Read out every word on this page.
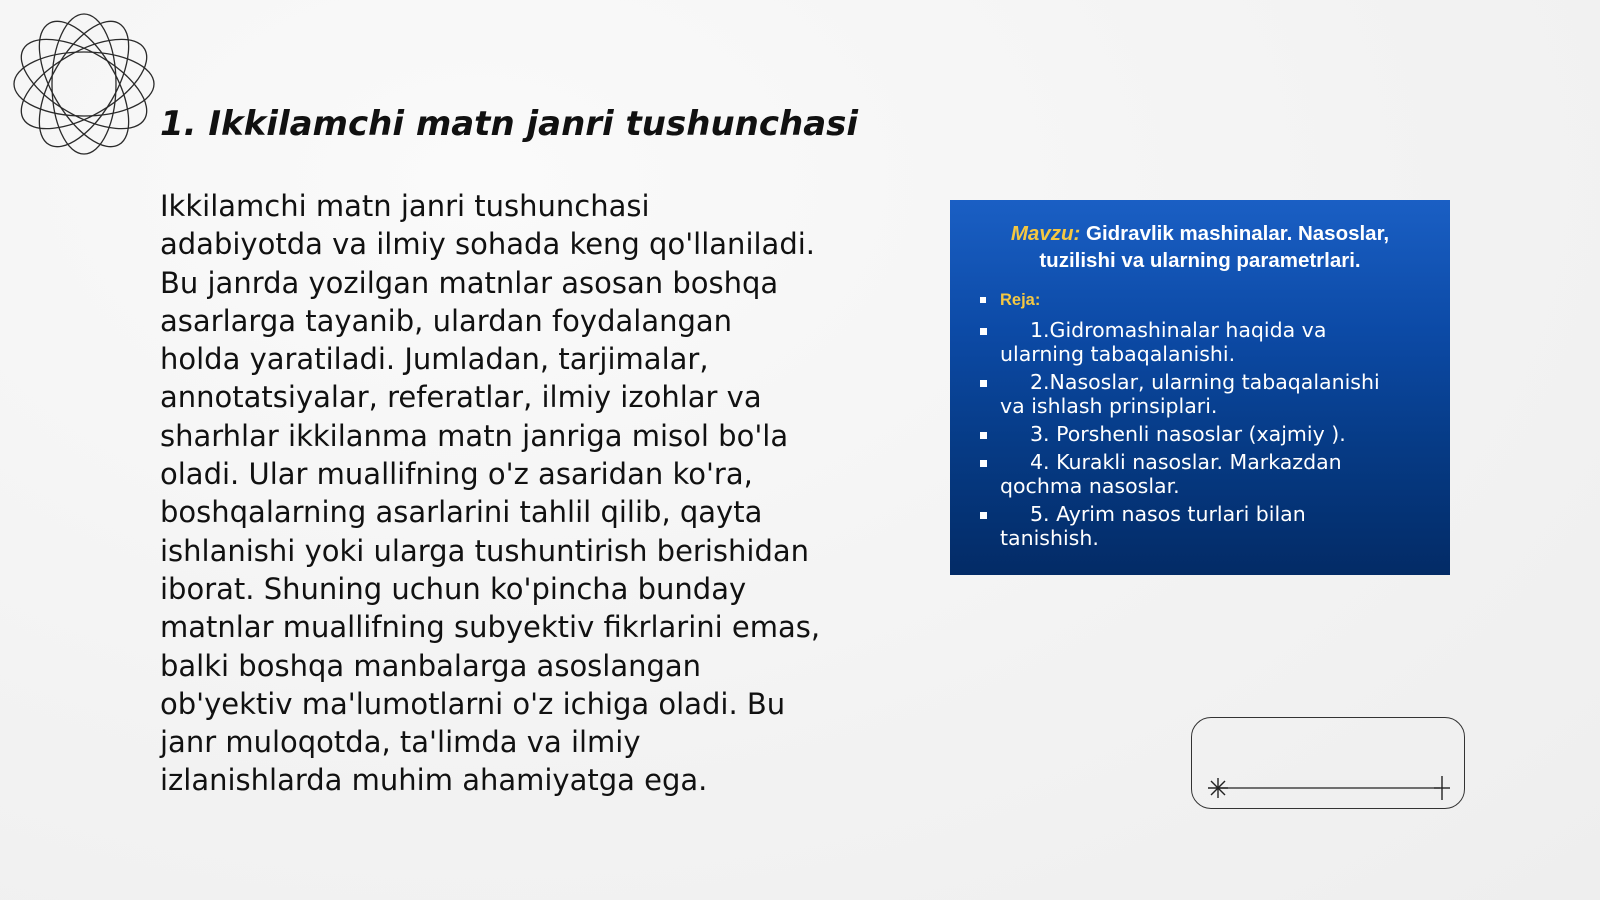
1. Ikkilamchi matn janri tushunchasi

Ikkilamchi matn janri tushunchasi
adabiyotda va ilmiy sohada keng qo'llaniladi.
Bu janrda yozilgan matnlar asosan boshqa
asarlarga tayanib, ulardan foydalangan
holda yaratiladi. Jumladan, tarjimalar,
annotatsiyalar, referatlar, ilmiy izohlar va
sharhlar ikkilanma matn janriga misol bo'la
oladi. Ular muallifning o'z asaridan ko'ra,
boshqalarning asarlarini tahlil qilib, qayta
ishlanishi yoki ularga tushuntirish berishidan
iborat. Shuning uchun ko'pincha bunday
matnlar muallifning subyektiv fikrlarini emas,
balki boshqa manbalarga asoslangan
ob'yektiv ma'lumotlarni o'z ichiga oladi. Bu
janr muloqotda, ta'limda va ilmiy
izlanishlarda muhim ahamiyatga ega.

Mavzu: Gidravlik mashinalar. Nasoslar,
tuzilishi va ularning parametrlari.
Reja:
1.Gidromashinalar haqida va
ularning tabaqalanishi.
2.Nasoslar, ularning tabaqalanishi
va ishlash prinsiplari.
3. Porshenli nasoslar (xajmiy ).
4. Kurakli nasoslar. Markazdan
qochma nasoslar.
5. Ayrim nasos turlari bilan
tanishish.
